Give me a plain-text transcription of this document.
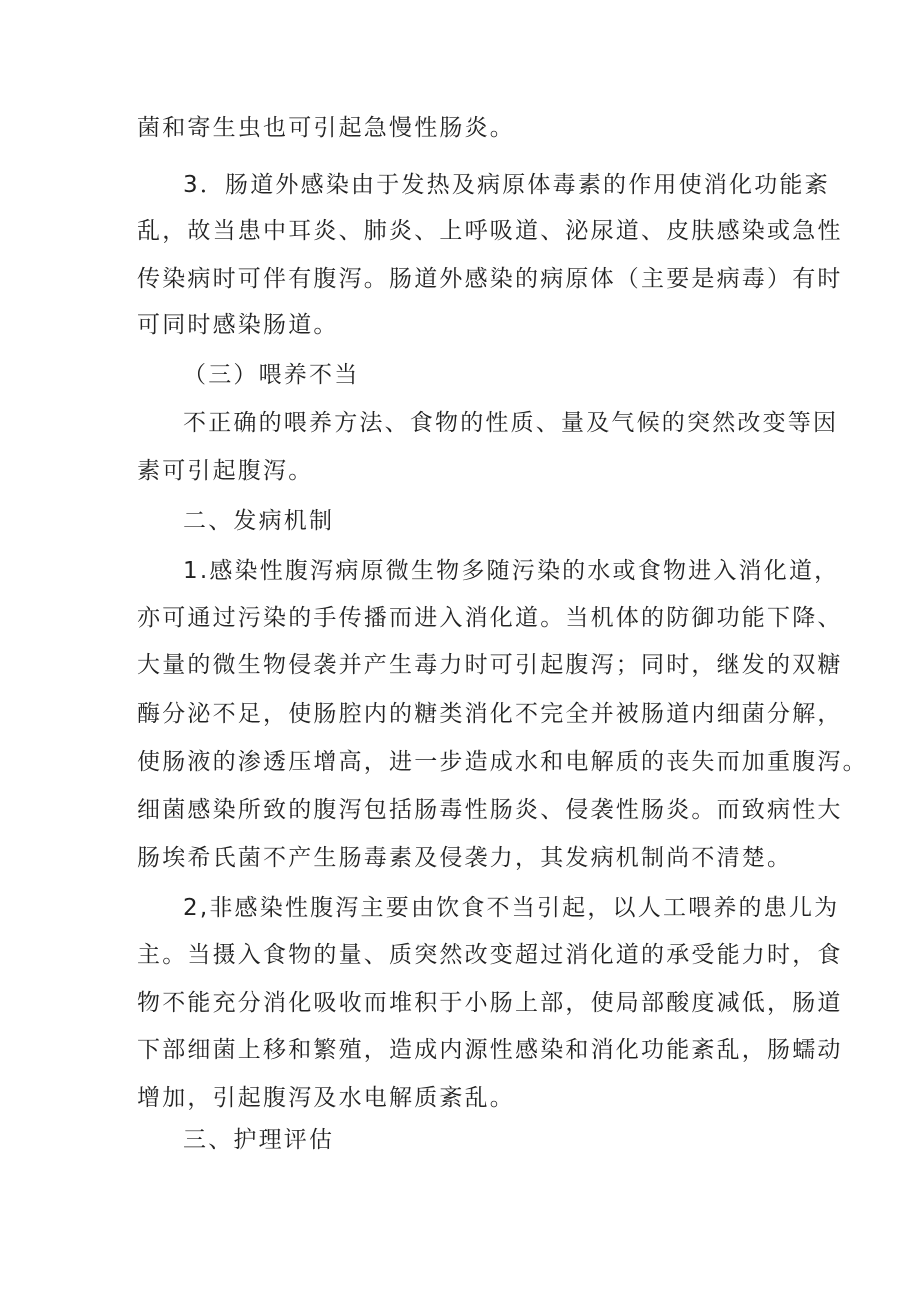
菌和寄生虫也可引起急慢性肠炎。
3．肠道外感染由于发热及病原体毒素的作用使消化功能紊
乱，故当患中耳炎、肺炎、上呼吸道、泌尿道、皮肤感染或急性
传染病时可伴有腹泻。肠道外感染的病原体（主要是病毒）有时
可同时感染肠道。
（三）喂养不当
不正确的喂养方法、食物的性质、量及气候的突然改变等因
素可引起腹泻。
二、发病机制
1.感染性腹泻病原微生物多随污染的水或食物进入消化道，
亦可通过污染的手传播而进入消化道。当机体的防御功能下降、
大量的微生物侵袭并产生毒力时可引起腹泻；同时，继发的双糖
酶分泌不足，使肠腔内的糖类消化不完全并被肠道内细菌分解，
使肠液的渗透压增高，进一步造成水和电解质的丧失而加重腹泻。
细菌感染所致的腹泻包括肠毒性肠炎、侵袭性肠炎。而致病性大
肠埃希氏菌不产生肠毒素及侵袭力，其发病机制尚不清楚。
2,非感染性腹泻主要由饮食不当引起，以人工喂养的患儿为
主。当摄入食物的量、质突然改变超过消化道的承受能力时，食
物不能充分消化吸收而堆积于小肠上部，使局部酸度减低，肠道
下部细菌上移和繁殖，造成内源性感染和消化功能紊乱，肠蠕动
增加，引起腹泻及水电解质紊乱。
三、护理评估
